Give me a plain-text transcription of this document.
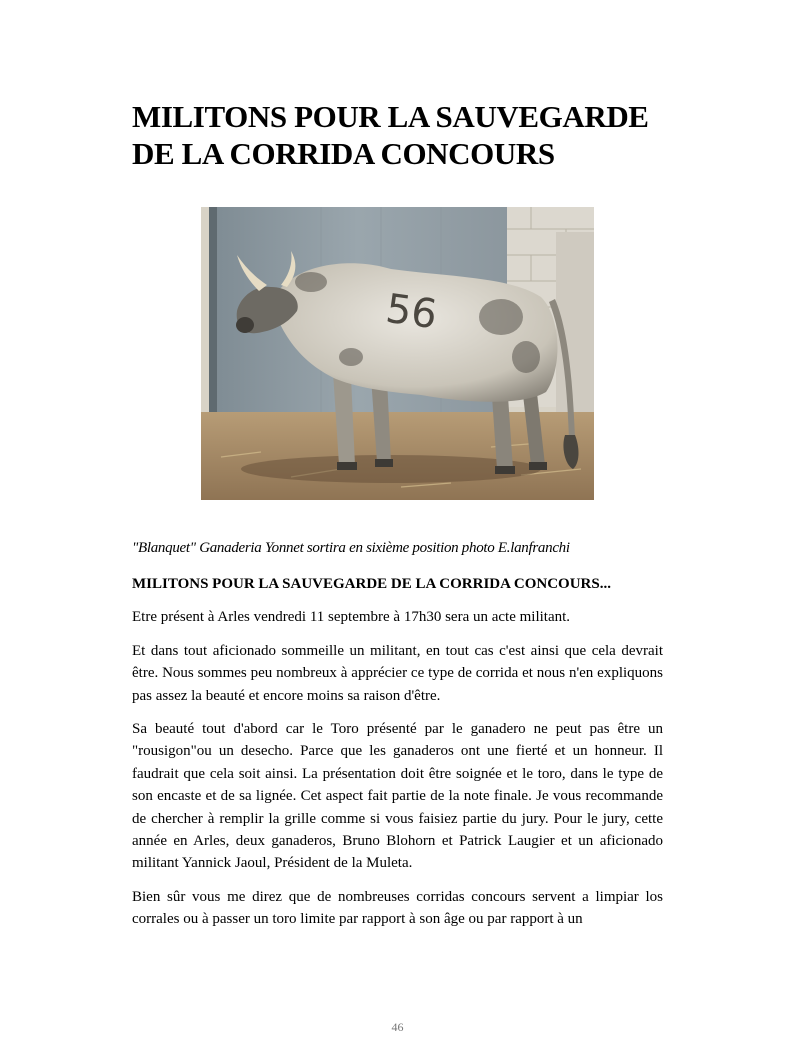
MILITONS POUR LA SAUVEGARDE DE LA CORRIDA CONCOURS
56
"Blanquet" Ganaderia Yonnet sortira en sixième position photo E.lanfranchi

MILITONS POUR LA SAUVEGARDE DE LA CORRIDA CONCOURS...

Etre présent à Arles vendredi 11 septembre à 17h30 sera un acte militant.

Et dans tout aficionado sommeille un militant, en tout cas c'est ainsi que cela devrait être. Nous sommes peu nombreux à apprécier ce type de corrida et nous n'en expliquons pas assez la beauté et encore moins sa raison d'être.

Sa beauté tout d'abord car le Toro présenté par le ganadero ne peut pas être un "rousigon"ou un desecho. Parce que les ganaderos ont une fierté et un honneur. Il faudrait que cela soit ainsi. La présentation doit être soignée et le toro, dans le type de son encaste et de sa lignée. Cet aspect fait partie de la note finale. Je vous recommande de chercher à remplir la grille comme si vous faisiez partie du jury. Pour le jury, cette année en Arles, deux ganaderos, Bruno Blohorn et Patrick Laugier et un aficionado militant Yannick Jaoul, Président de la Muleta.

Bien sûr vous me direz que de nombreuses corridas concours servent a limpiar los corrales ou à passer un toro limite par rapport à son âge ou par rapport à un

46
